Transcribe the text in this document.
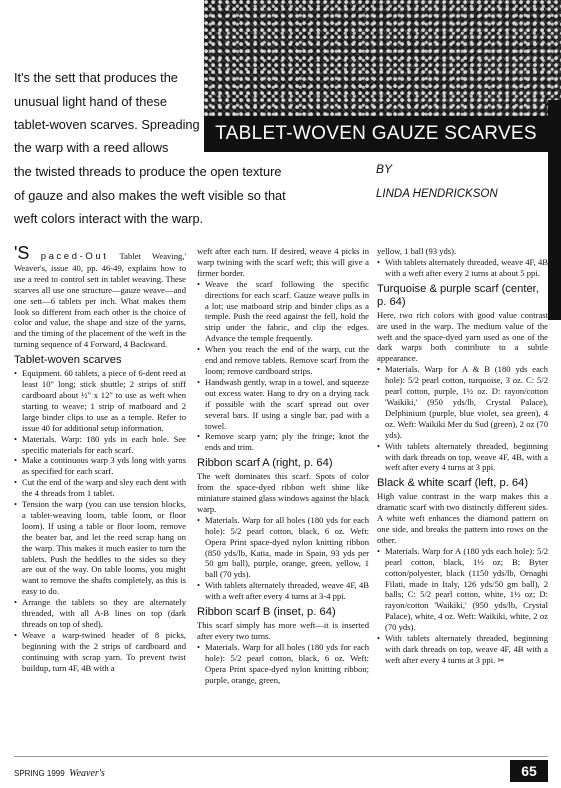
TABLET-WOVEN GAUZE SCARVES
It's the sett that produces the
unusual light hand of these
tablet-woven scarves. Spreading
the warp with a reed allows
the twisted threads to produce the open texture
of gauze and also makes the weft visible so that
weft colors interact with the warp.
BY
LINDA HENDRICKSON

'S paced-Out Tablet Weaving,' Weaver's, issue 40, pp. 46-49, explains how to use a reed to control sett in tablet weaving. These scarves all use one structure—gauze weave—and one sett—6 tablets per inch. What makes them look so different from each other is the choice of color and value, the shape and size of the yarns, and the timing of the placement of the weft in the turning sequence of 4 Forward, 4 Backward.

Tablet-woven scarves
• Equipment. 60 tablets, a piece of 6-dent reed at least 10" long; stick shuttle; 2 strips of stiff cardboard about ½" x 12" to use as weft when starting to weave; 1 strip of matboard and 2 large binder clips to use as a temple. Refer to issue 40 for additional setup information.
• Materials. Warp: 180 yds in each hole. See specific materials for each scarf.
• Make a continuous warp 3 yds long with yarns as specified for each scarf.
• Cut the end of the warp and sley each dent with the 4 threads from 1 tablet.
• Tension the warp (you can use tension blocks, a tablet-weaving loom, table loom, or floor loom). If using a table or floor loom, remove the beater bar, and let the reed scrap hang on the warp. This makes it much easier to turn the tablets. Push the heddles to the sides so they are out of the way. On table looms, you might want to remove the shafts completely, as this is easy to do.
• Arrange the tablets so they are alternately threaded, with all A-B lines on top (dark threads on top of shed).
• Weave a warp-twined header of 8 picks, beginning with the 2 strips of cardboard and continuing with scrap yarn. To prevent twist buildup, turn 4F, 4B with a

weft after each turn. If desired, weave 4 picks in warp twining with the scarf weft; this will give a firmer border.

• Weave the scarf following the specific directions for each scarf. Gauze weave pulls in a lot; use matboard strip and binder clips as a temple. Push the reed against the fell, hold the strip under the fabric, and clip the edges. Advance the temple frequently.
• When you reach the end of the warp, cut the end and remove tablets. Remove scarf from the loom; remove cardboard strips.
• Handwash gently, wrap in a towel, and squeeze out excess water. Hang to dry on a drying rack if possible with the scarf spread out over several bars. If using a single bar, pad with a towel.
• Remove scarp yarn; ply the fringe; knot the ends and trim.
Ribbon scarf A (right, p. 64)

The weft dominates this scarf. Spots of color from the space-dyed ribbon weft shine like miniature stained glass windows against the black warp.

• Materials. Warp for all holes (180 yds for each hole): 5/2 pearl cotton, black, 6 oz. Weft: Opera Print space-dyed nylon knitting ribbon (850 yds/lb, Katia, made in Spain, 93 yds per 50 gm ball), purple, orange, green, yellow, 1 ball (70 yds).
• With tablets alternately threaded, weave 4F, 4B with a weft after every 4 turns at 3-4 ppi.
Ribbon scarf B (inset, p. 64)

This scarf simply has more weft—it is inserted after every two turns.

• Materials. Warp for all holes (180 yds for each hole): 5/2 pearl cotton, black, 6 oz. Weft: Opera Print space-dyed nylon knitting ribbon; purple, orange, green,

yellow, 1 ball (93 yds).

• With tablets alternately threaded, weave 4F, 4B with a weft after every 2 turns at about 5 ppi.
Turquoise & purple scarf (center, p. 64)

Here, two rich colors with good value contrast are used in the warp. The medium value of the weft and the space-dyed yarn used as one of the dark warps both contribute to a subtle appearance.

• Materials. Warp for A & B (180 yds each hole): 5/2 pearl cotton, turquoise, 3 oz. C: 5/2 pearl cotton, purple, 1½ oz. D: rayon/cotton 'Waikiki,' (950 yds/lb, Crystal Palace), Delphinium (purple, blue violet, sea green), 4 oz. Weft: Waikiki Mer du Sud (green), 2 oz (70 yds).
• With tablets alternately threaded, beginning with dark threads on top, weave 4F, 4B, with a weft after every 4 turns at 3 ppi.
Black & white scarf (left, p. 64)

High value contrast in the warp makes this a dramatic scarf with two distinctly different sides. A white weft enhances the diamond pattern on one side, and breaks the pattern into rows on the other.

• Materials. Warp for A (180 yds each hole): 5/2 pearl cotton, black, 1½ oz; B: Byter cotton/polyester, black (1150 yds/lb, Ornaghi Filati, made in Italy, 126 yds/50 gm ball), 2 balls; C: 5/2 pearl cotton, white, 1½ oz; D: rayon/cotton 'Waikiki,' (950 yds/lb, Crystal Palace), white, 4 oz. Weft: Waikiki, white, 2 oz (70 yds).
• With tablets alternately threaded, beginning with dark threads on top, weave 4F, 4B with a weft after every 4 turns at 3 ppi. ✂
SPRING 1999 Weaver's	65
